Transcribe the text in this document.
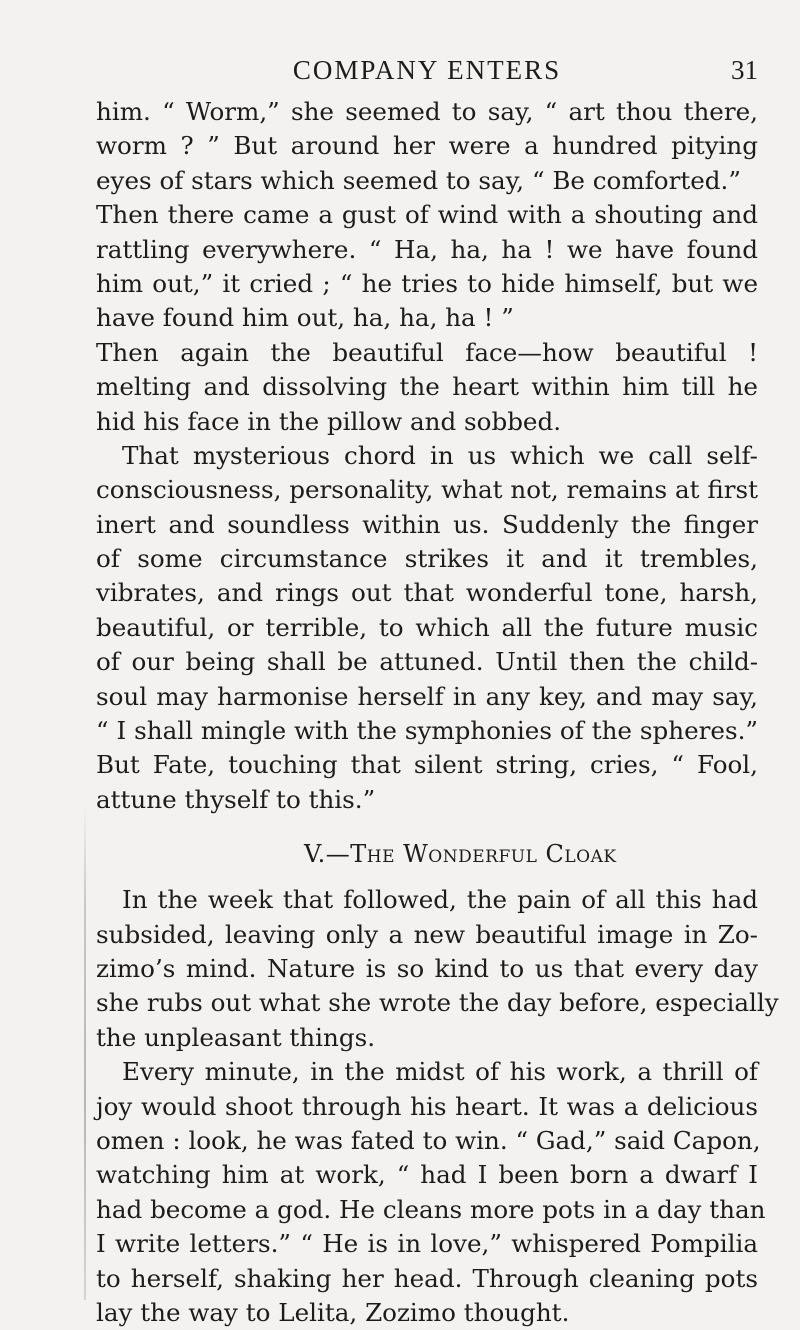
COMPANY ENTERS	31
him. “ Worm,” she seemed to say, “ art thou there,
worm ? ” But around her were a hundred pitying
eyes of stars which seemed to say, “ Be comforted.”
Then there came a gust of wind with a shouting and
rattling everywhere. “ Ha, ha, ha ! we have found
him out,” it cried ; “ he tries to hide himself, but we
have found him out, ha, ha, ha ! ”
Then again the beautiful face—how beautiful !
melting and dissolving the heart within him till he
hid his face in the pillow and sobbed.
That mysterious chord in us which we call self-
consciousness, personality, what not, remains at first
inert and soundless within us. Suddenly the finger
of some circumstance strikes it and it trembles,
vibrates, and rings out that wonderful tone, harsh,
beautiful, or terrible, to which all the future music
of our being shall be attuned. Until then the child-
soul may harmonise herself in any key, and may say,
“ I shall mingle with the symphonies of the spheres.”
But Fate, touching that silent string, cries, “ Fool,
attune thyself to this.”
V.—The Wonderful Cloak
In the week that followed, the pain of all this had
subsided, leaving only a new beautiful image in Zo-
zimo’s mind. Nature is so kind to us that every day
she rubs out what she wrote the day before, especially
the unpleasant things.
Every minute, in the midst of his work, a thrill of
joy would shoot through his heart. It was a delicious
omen : look, he was fated to win. “ Gad,” said Capon,
watching him at work, “ had I been born a dwarf I
had become a god. He cleans more pots in a day than
I write letters.” “ He is in love,” whispered Pompilia
to herself, shaking her head. Through cleaning pots
lay the way to Lelita, Zozimo thought.
